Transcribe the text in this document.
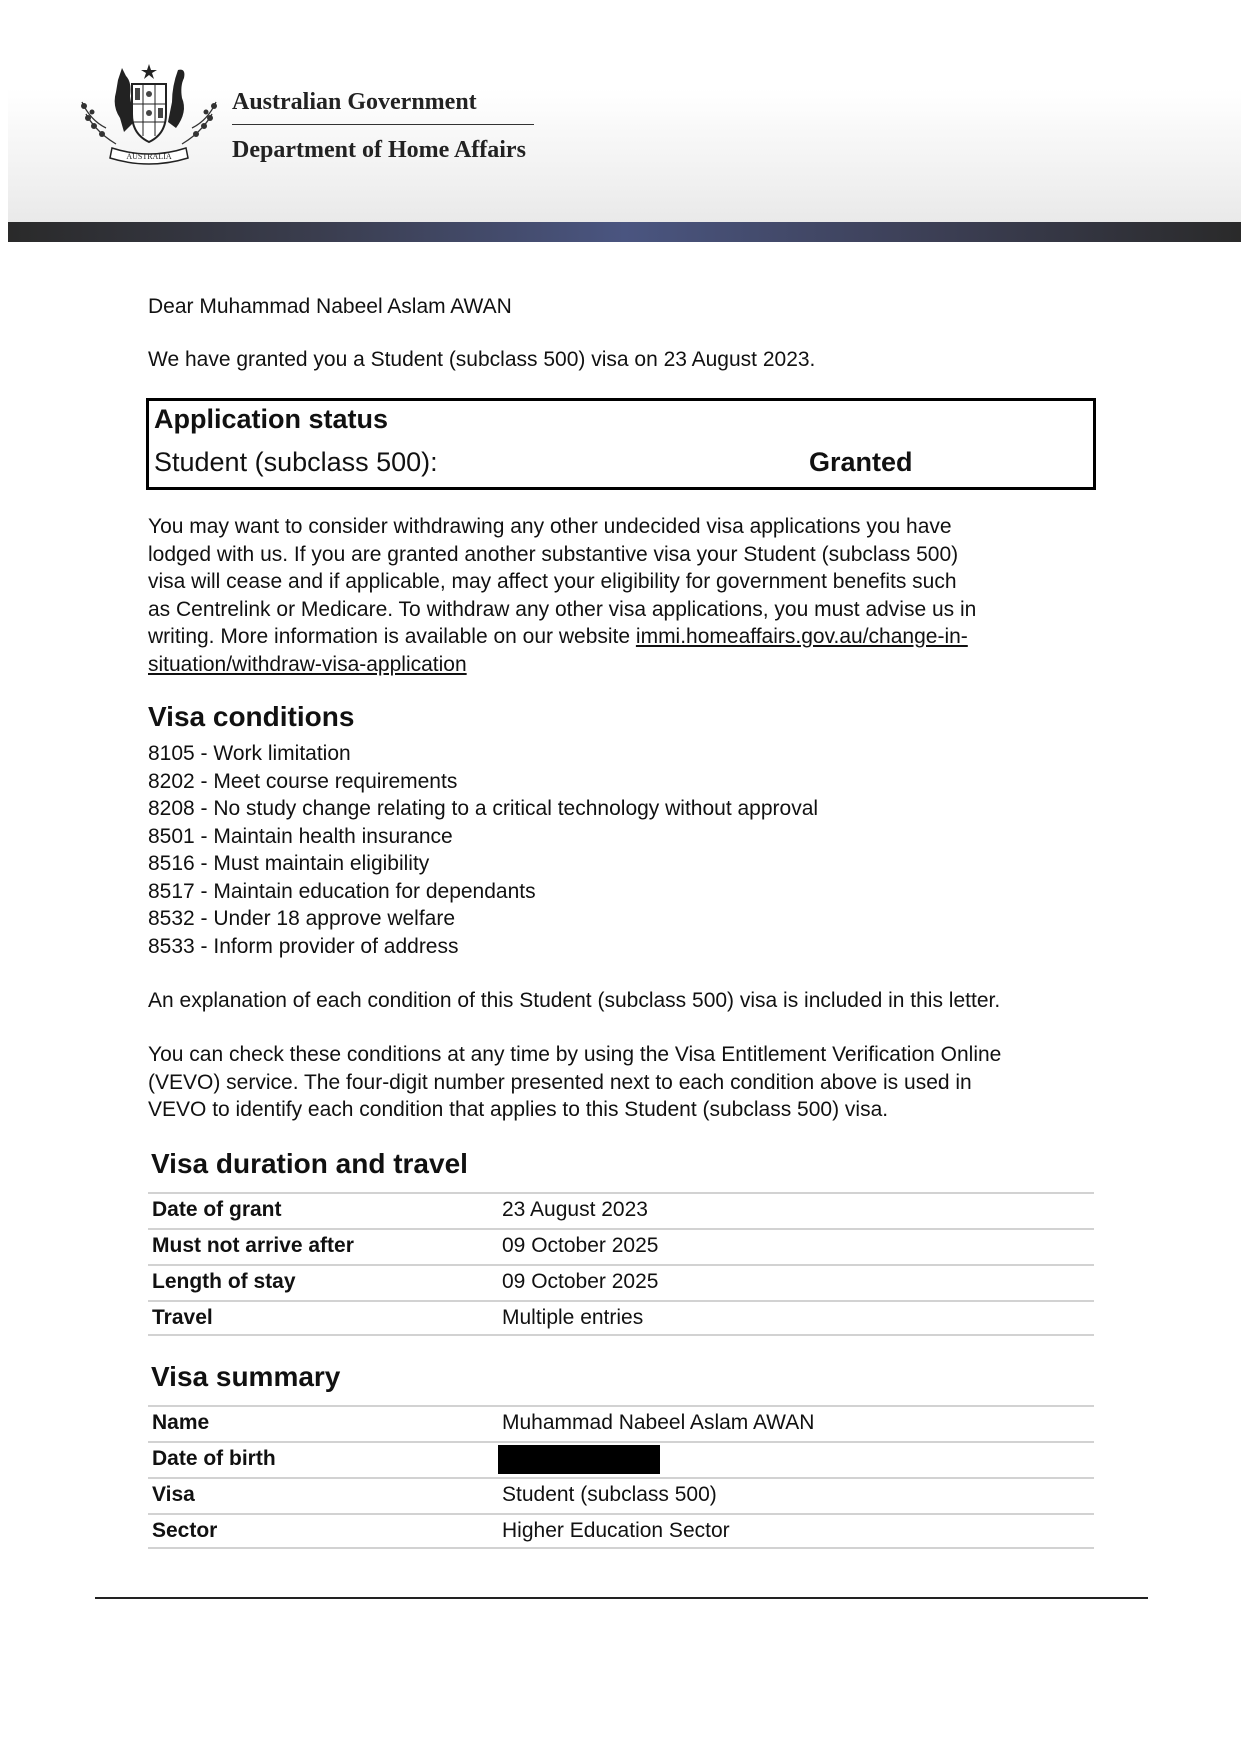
AUSTRALIA
Australian Government
Department of Home Affairs
Dear Muhammad Nabeel Aslam AWAN
We have granted you a Student (subclass 500) visa on 23 August 2023.
Application status
Student (subclass 500):	Granted
You may want to consider withdrawing any other undecided visa applications you have
lodged with us. If you are granted another substantive visa your Student (subclass 500)
visa will cease and if applicable, may affect your eligibility for government benefits such
as Centrelink or Medicare. To withdraw any other visa applications, you must advise us in
writing. More information is available on our website immi.homeaffairs.gov.au/change-in-
situation/withdraw-visa-application
Visa conditions
8105 - Work limitation
8202 - Meet course requirements
8208 - No study change relating to a critical technology without approval
8501 - Maintain health insurance
8516 - Must maintain eligibility
8517 - Maintain education for dependants
8532 - Under 18 approve welfare
8533 - Inform provider of address
An explanation of each condition of this Student (subclass 500) visa is included in this letter.
You can check these conditions at any time by using the Visa Entitlement Verification Online
(VEVO) service. The four-digit number presented next to each condition above is used in
VEVO to identify each condition that applies to this Student (subclass 500) visa.
Visa duration and travel
Date of grant	23 August 2023
Must not arrive after	09 October 2025
Length of stay	09 October 2025
Travel	Multiple entries
Visa summary
Name	Muhammad Nabeel Aslam AWAN
Date of birth
Visa	Student (subclass 500)
Sector	Higher Education Sector
